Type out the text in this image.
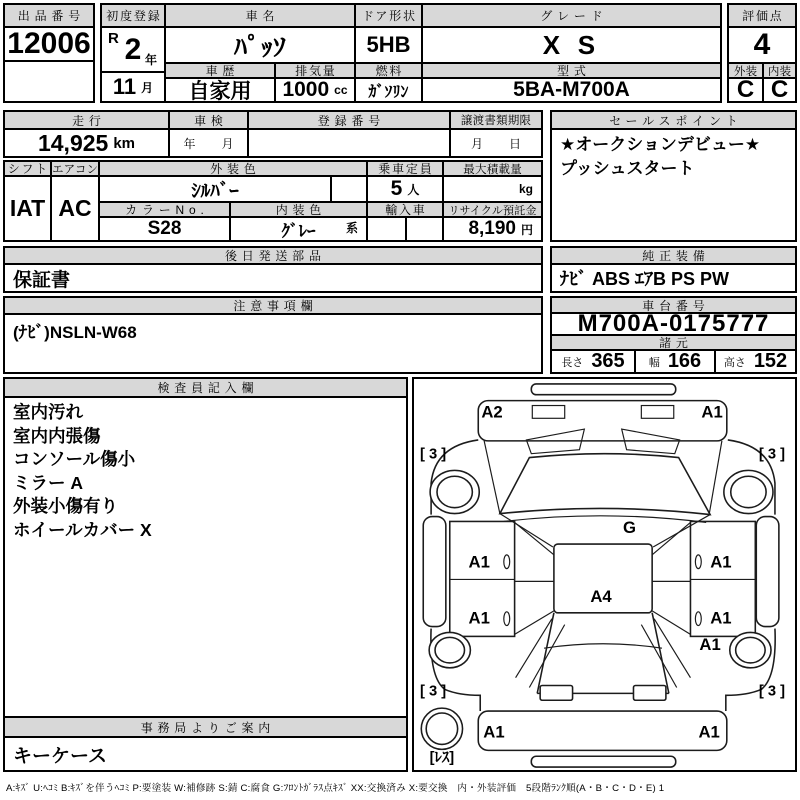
出品番号
12006
初度登録
R 2 年
11 月
車名
ﾊﾟｯｿ
車歴
自家用
排気量
1000 cc
ドア形状
5HB
燃料
ｶﾞｿﾘﾝ
グレード
X S
型式
5BA-M700A
評価点
4
外装 内装
C C
走行
14,925 km
車検
年 月
登録番号	譲渡書類期限
月 日
セールスポイント
★オークションデビュー★
プッシュスタート
シフト
IAT
エアコン
AC
外装色
ｼﾙﾊﾞｰ
カラーNo.
S28
内装色
ｸﾞﾚｰ	系
乗車定員
5 人
最大積載量
kg
輸入車	リサイクル預託金
8,190 円
後日発送部品
保証書
純正装備
ﾅﾋﾞ ABS ｴｱB PS PW
注意事項欄
(ﾅﾋﾞ)NSLN-W68
車台番号
M700A-0175777
諸元
長さ 365 幅 166 高さ 152
検査員記入欄
室内汚れ
室内内張傷
コンソール傷小
ミラー A
外装小傷有り
ホイールカバー X
事務局よりご案内
キーケース
A2	A1
[ 3 ]	[ 3 ]
G
A1	A1
A4
A1	A1
A1
[ 3 ]	[ 3 ]
A1	A1
[ﾚｽ]
A:ｷｽﾞ U:ﾍｺﾐ B:ｷｽﾞを伴うﾍｺﾐ P:要塗装 W:補修跡 S:錆 C:腐食 G:ﾌﾛﾝﾄｶﾞﾗｽ点ｷｽﾞ XX:交換済み X:要交換　内・外装評価　5段階ﾗﾝｸ順(A・B・C・D・E) 1
